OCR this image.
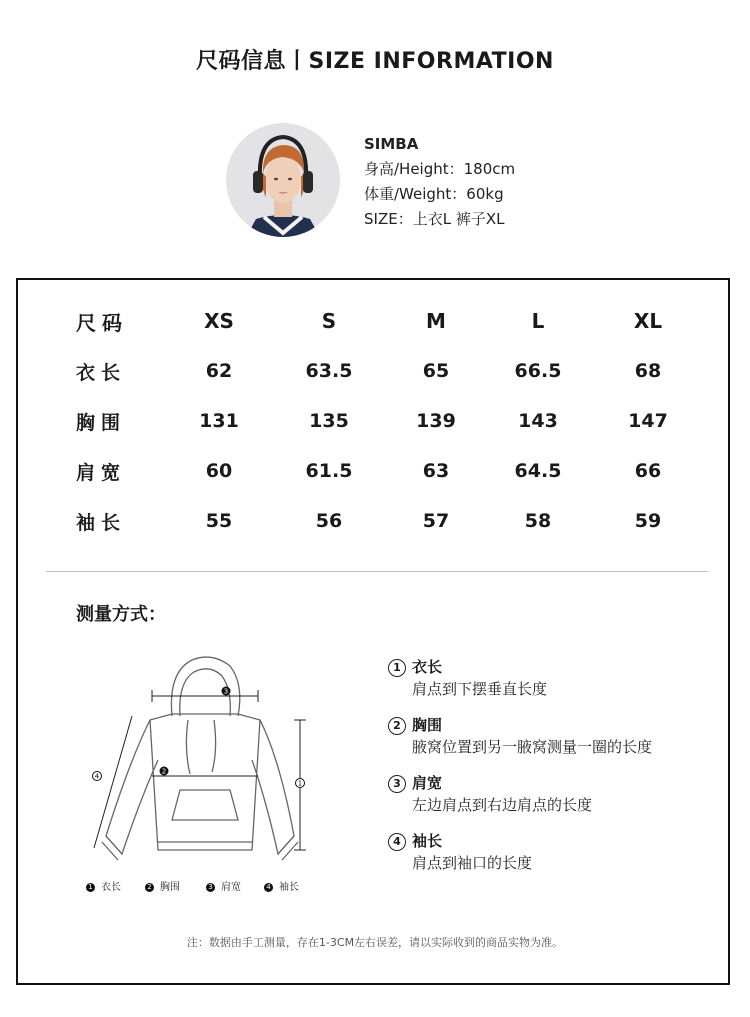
尺码信息丨SIZE INFORMATION
SIMBA
身高/Height：180cm
体重/Weight：60kg
SIZE：上衣L 裤子XL
尺码	XS	S	M	L	XL
衣长	62	63.5	65	66.5	68
胸围	131	135	139	143	147
肩宽	60	61.5	63	64.5	66
袖长	55	56	57	58	59
测量方式：
3
2
1
4
1 衣长	2 胸围	3 肩宽	4 袖长
1 衣长
肩点到下摆垂直长度
2 胸围
腋窝位置到另一腋窝测量一圈的长度
3 肩宽
左边肩点到右边肩点的长度
4 袖长
肩点到袖口的长度
注：数据由手工测量，存在1-3CM左右误差，请以实际收到的商品实物为准。
